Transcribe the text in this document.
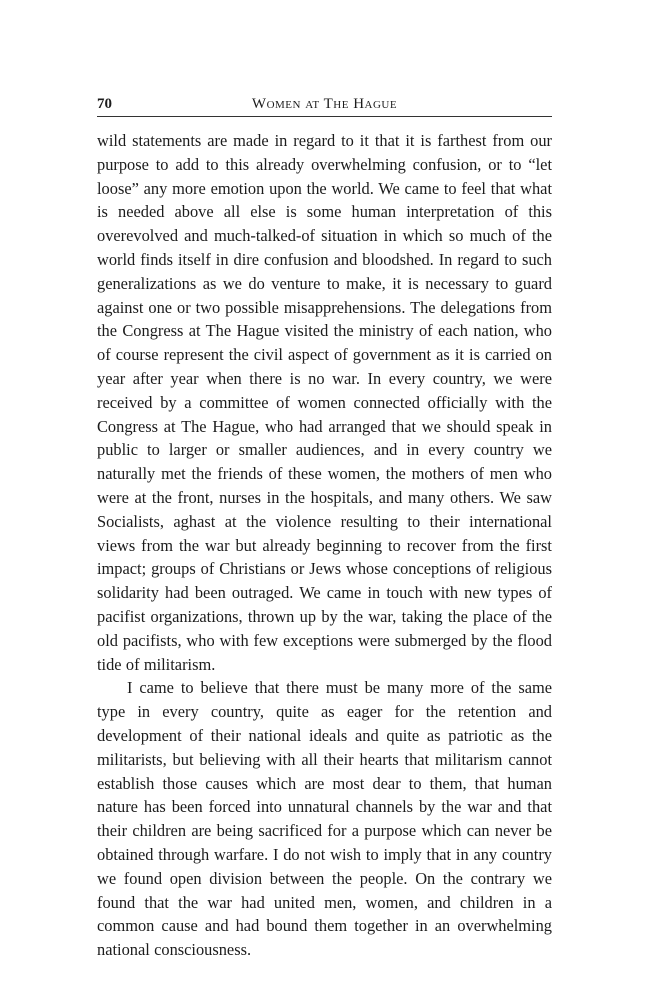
70	Women at The Hague

wild statements are made in regard to it that it is farthest from our purpose to add to this already overwhelming confusion, or to “let loose” any more emotion upon the world. We came to feel that what is needed above all else is some human interpretation of this overevolved and much-talked-of situation in which so much of the world finds itself in dire confusion and bloodshed. In regard to such generalizations as we do venture to make, it is necessary to guard against one or two possible misapprehensions. The delegations from the Congress at The Hague visited the ministry of each nation, who of course represent the civil aspect of government as it is carried on year after year when there is no war. In every country, we were received by a committee of women connected officially with the Congress at The Hague, who had arranged that we should speak in public to larger or smaller audiences, and in every country we naturally met the friends of these women, the mothers of men who were at the front, nurses in the hospitals, and many others. We saw Socialists, aghast at the violence resulting to their international views from the war but already beginning to recover from the first impact; groups of Christians or Jews whose conceptions of religious solidarity had been outraged. We came in touch with new types of pacifist organizations, thrown up by the war, taking the place of the old pacifists, who with few exceptions were submerged by the flood tide of militarism.

I came to believe that there must be many more of the same type in every country, quite as eager for the retention and development of their national ideals and quite as patriotic as the militarists, but believing with all their hearts that militarism cannot establish those causes which are most dear to them, that human nature has been forced into unnatural channels by the war and that their children are being sacrificed for a purpose which can never be obtained through warfare. I do not wish to imply that in any country we found open division between the people. On the contrary we found that the war had united men, women, and children in a common cause and had bound them together in an overwhelming national consciousness.
